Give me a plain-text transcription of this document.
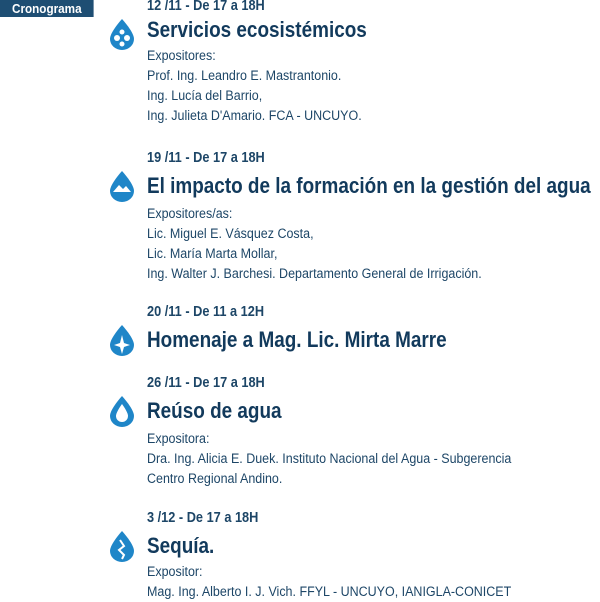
Cronograma	12 /11 - De 17 a 18H
Servicios ecosistémicos
Expositores:
Prof. Ing. Leandro E. Mastrantonio.
Ing. Lucía del Barrio,
Ing. Julieta D'Amario. FCA - UNCUYO.
19 /11 - De 17 a 18H
El impacto de la formación en la gestión del agua
Expositores/as:
Lic. Miguel E. Vásquez Costa,
Lic. María Marta Mollar,
Ing. Walter J. Barchesi. Departamento General de Irrigación.
20 /11 - De 11 a 12H
Homenaje a Mag. Lic. Mirta Marre
26 /11 - De 17 a 18H
Reúso de agua
Expositora:
Dra. Ing. Alicia E. Duek. Instituto Nacional del Agua - Subgerencia
Centro Regional Andino.
3 /12 - De 17 a 18H
Sequía.
Expositor:
Mag. Ing. Alberto I. J. Vich. FFYL - UNCUYO, IANIGLA-CONICET
